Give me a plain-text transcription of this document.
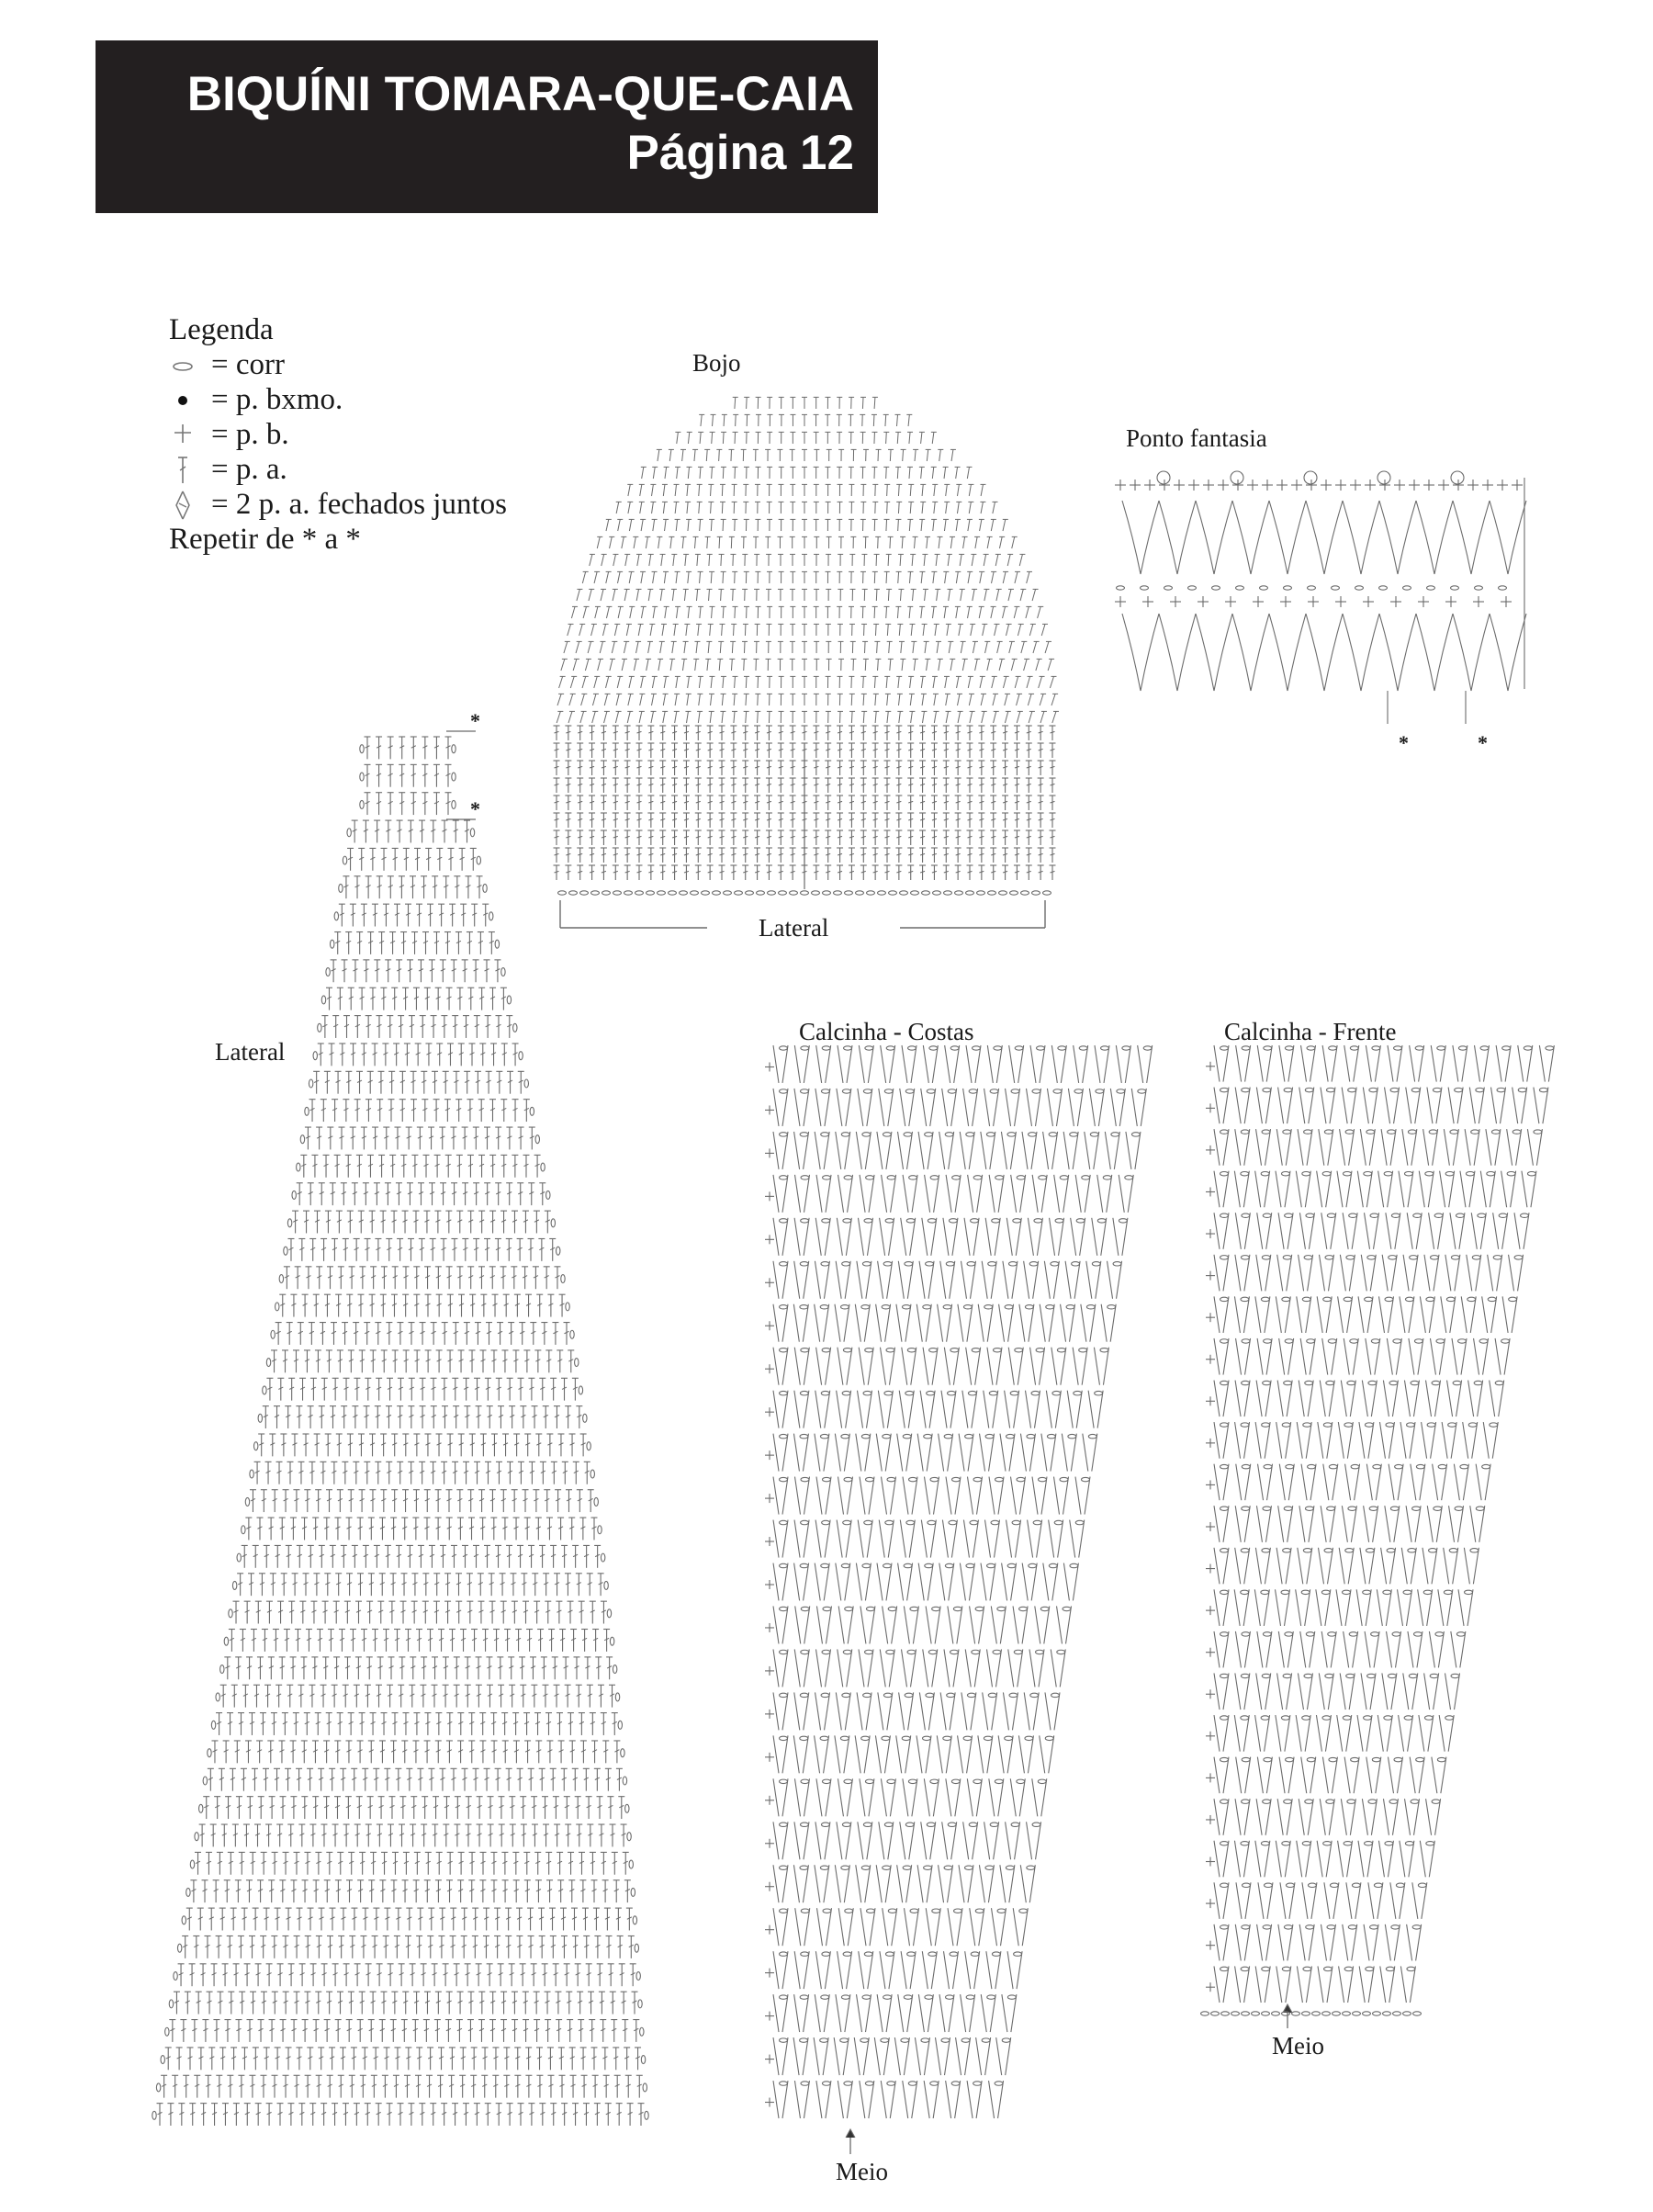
BIQUÍNI TOMARA-QUE-CAIA
Página 12
Legenda
= corr
= p. bxmo.
= p. b.
= p. a.
= 2 p. a. fechados juntos
Repetir de * a *
Bojo
Lateral
Ponto fantasia
*	*
Lateral
*
*
Calcinha - Costas
Meio
Calcinha - Frente
Meio
